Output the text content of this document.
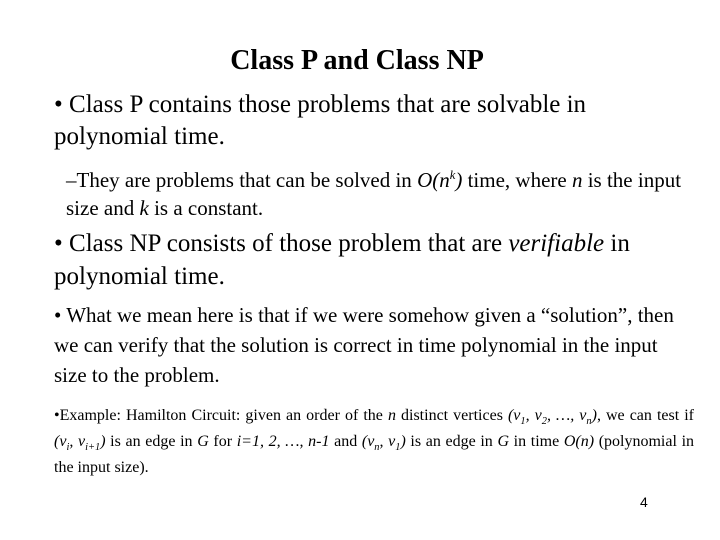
Class P and Class NP
• Class P contains those problems that are solvable in polynomial time.
–They are problems that can be solved in $O(n^k)$ time, where n is the input size and k is a constant.
• Class NP consists of those problem that are verifiable in polynomial time.
• What we mean here is that if we were somehow given a “solution”, then we can verify that the solution is correct in time polynomial in the input size to the problem.
•Example: Hamilton Circuit: given an order of the n distinct vertices ($v_1$, $v_2$, …, $v_n$), we can test if ($v_i$, $v_{i+1}$) is an edge in G for i=1, 2, …, n-1 and ($v_n$, $v_1$) is an edge in G in time O(n) (polynomial in the input size).
4
